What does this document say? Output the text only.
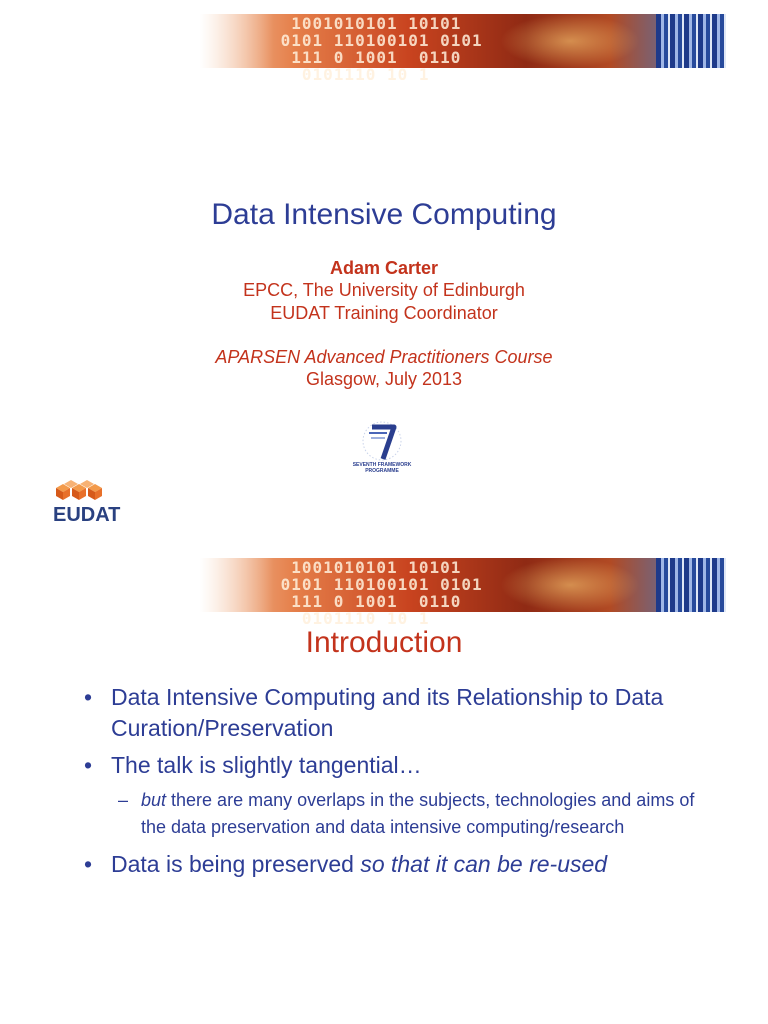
1001010101 10101
0101 110100101 0101
111 0 1001  0110
0101110 10 1
Data Intensive Computing
Adam Carter
EPCC, The University of Edinburgh
EUDAT Training Coordinator
APARSEN Advanced Practitioners Course
Glasgow, July 2013
SEVENTH FRAMEWORK
PROGRAMME
EUDAT
1001010101 10101
0101 110100101 0101
111 0 1001  0110
0101110 10 1
Introduction
• Data Intensive Computing and its Relationship to Data Curation/Preservation
• The talk is slightly tangential…
– but there are many overlaps in the subjects, technologies and aims of the data preservation and data intensive computing/research
• Data is being preserved so that it can be re-used
